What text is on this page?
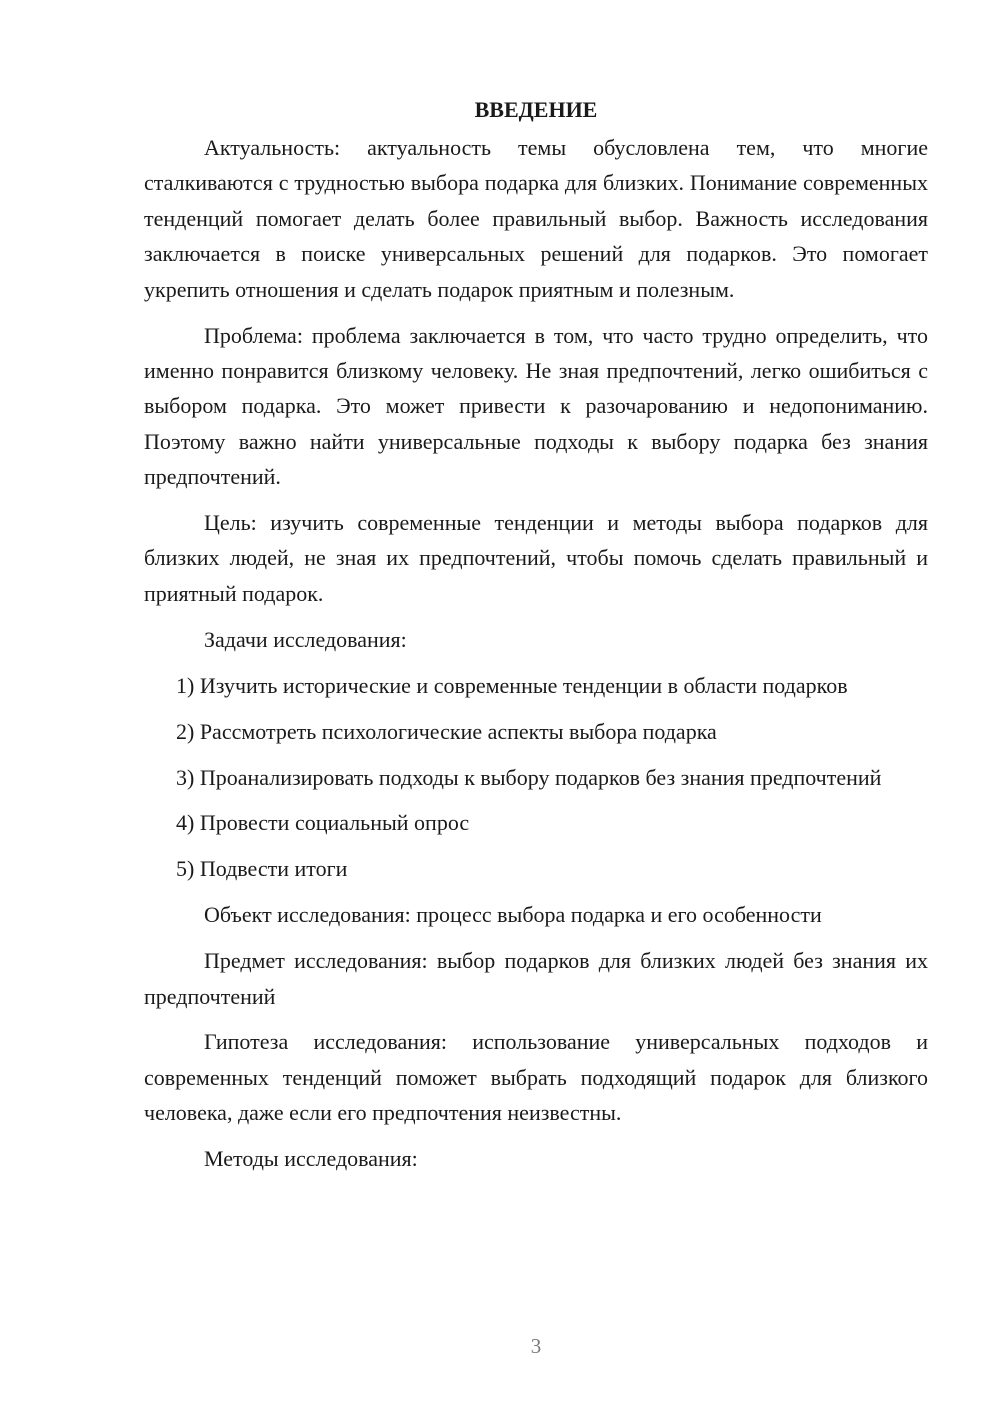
ВВЕДЕНИЕ

Актуальность: актуальность темы обусловлена тем, что многие сталкиваются с трудностью выбора подарка для близких. Понимание современных тенденций помогает делать более правильный выбор. Важность исследования заключается в поиске универсальных решений для подарков. Это помогает укрепить отношения и сделать подарок приятным и полезным.

Проблема: проблема заключается в том, что часто трудно определить, что именно понравится близкому человеку. Не зная предпочтений, легко ошибиться с выбором подарка. Это может привести к разочарованию и недопониманию. Поэтому важно найти универсальные подходы к выбору подарка без знания предпочтений.

Цель: изучить современные тенденции и методы выбора подарков для близких людей, не зная их предпочтений, чтобы помочь сделать правильный и приятный подарок.

Задачи исследования:

1) Изучить исторические и современные тенденции в области подарков

2) Рассмотреть психологические аспекты выбора подарка

3) Проанализировать подходы к выбору подарков без знания предпочтений

4) Провести социальный опрос

5) Подвести итоги

Объект исследования: процесс выбора подарка и его особенности

Предмет исследования: выбор подарков для близких людей без знания их предпочтений

Гипотеза исследования: использование универсальных подходов и современных тенденций поможет выбрать подходящий подарок для близкого человека, даже если его предпочтения неизвестны.

Методы исследования:

3
